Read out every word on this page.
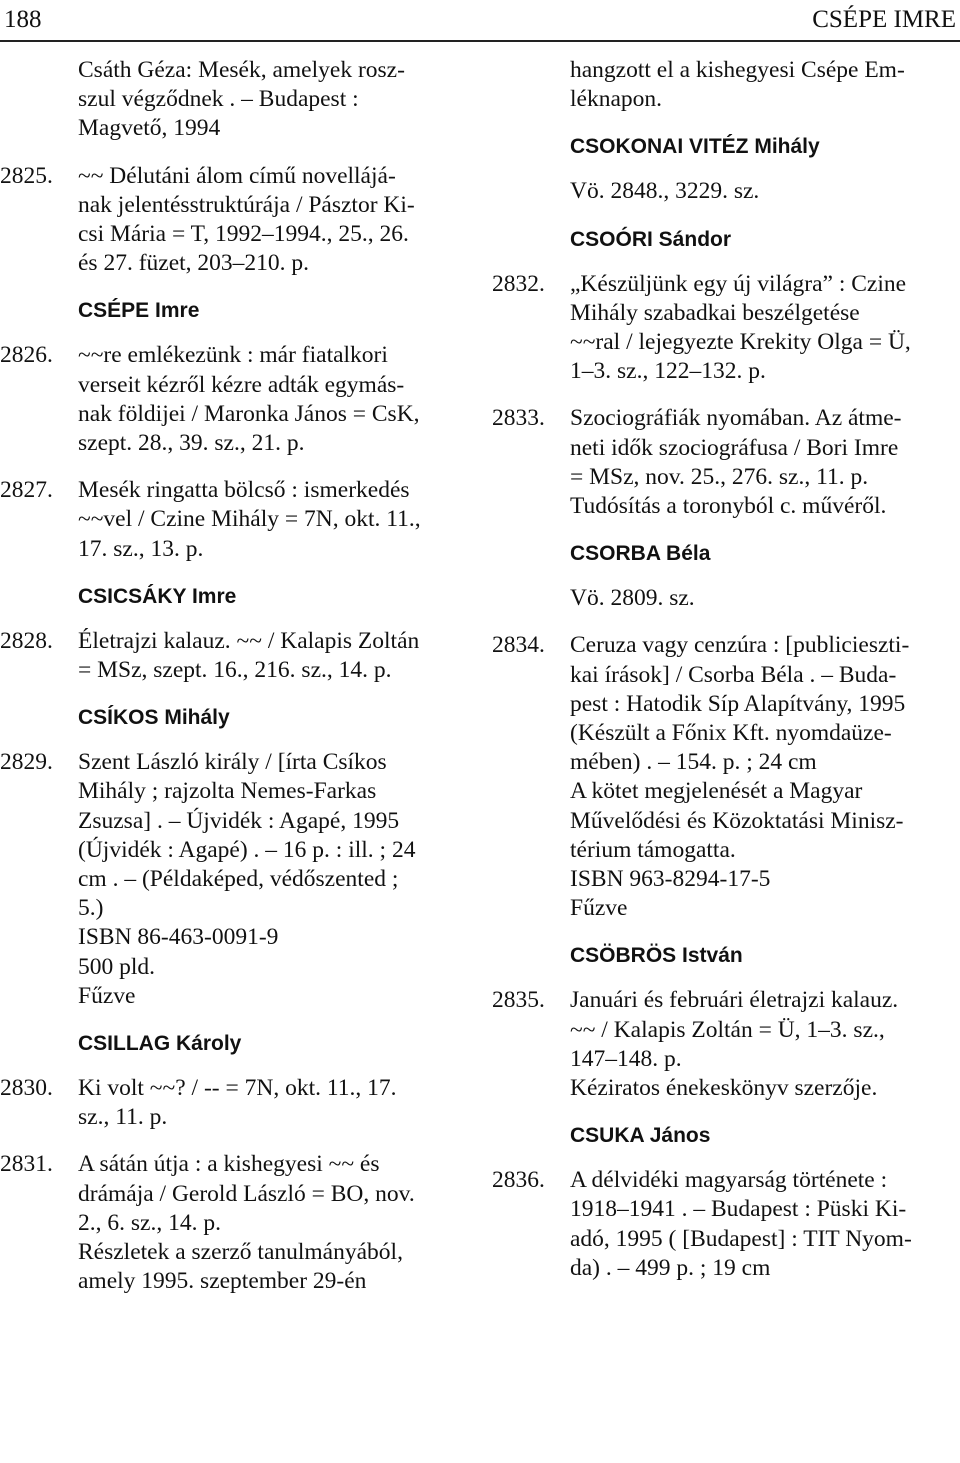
188	CSÉPE IMRE
Csáth Géza: Mesék, amelyek rosz-
szul végződnek . – Budapest :
Magvető, 1994
2825. ~~ Délutáni álom című novellájá-
nak jelentésstruktúrája / Pásztor Ki-
csi Mária = T, 1992–1994., 25., 26.
és 27. füzet, 203–210. p.
CSÉPE Imre
2826. ~~re emlékezünk : már fiatalkori
verseit kézről kézre adták egymás-
nak földijei / Maronka János = CsK,
szept. 28., 39. sz., 21. p.
2827. Mesék ringatta bölcső : ismerkedés
~~vel / Czine Mihály = 7N, okt. 11.,
17. sz., 13. p.
CSICSÁKY Imre
2828. Életrajzi kalauz. ~~ / Kalapis Zoltán
= MSz, szept. 16., 216. sz., 14. p.
CSÍKOS Mihály
2829. Szent László király / [írta Csíkos
Mihály ; rajzolta Nemes-Farkas
Zsuzsa] . – Újvidék : Agapé, 1995
(Újvidék : Agapé) . – 16 p. : ill. ; 24
cm . – (Példaképed, védőszented ;
5.)
ISBN 86-463-0091-9
500 pld.
Fűzve
CSILLAG Károly
2830. Ki volt ~~? / -- = 7N, okt. 11., 17.
sz., 11. p.
2831. A sátán útja : a kishegyesi ~~ és
drámája / Gerold László = BO, nov.
2., 6. sz., 14. p.
Részletek a szerző tanulmányából,
amely 1995. szeptember 29-én
hangzott el a kishegyesi Csépe Em-
léknapon.
CSOKONAI VITÉZ Mihály
Vö. 2848., 3229. sz.
CSOÓRI Sándor
2832. „Készüljünk egy új világra” : Czine
Mihály szabadkai beszélgetése
~~ral / lejegyezte Krekity Olga = Ü,
1–3. sz., 122–132. p.
2833. Szociográfiák nyomában. Az átme-
neti idők szociográfusa / Bori Imre
= MSz, nov. 25., 276. sz., 11. p.
Tudósítás a toronyból c. művéről.
CSORBA Béla
Vö. 2809. sz.
2834. Ceruza vagy cenzúra : [publicieszti-
kai írások] / Csorba Béla . – Buda-
pest : Hatodik Síp Alapítvány, 1995
(Készült a Főnix Kft. nyomdaüze-
mében) . – 154. p. ; 24 cm
A kötet megjelenését a Magyar
Művelődési és Közoktatási Minisz-
térium támogatta.
ISBN 963-8294-17-5
Fűzve
CSÖBRÖS István
2835. Januári és februári életrajzi kalauz.
~~ / Kalapis Zoltán = Ü, 1–3. sz.,
147–148. p.
Kéziratos énekeskönyv szerzője.
CSUKA János
2836. A délvidéki magyarság története :
1918–1941 . – Budapest : Püski Ki-
adó, 1995 ( [Budapest] : TIT Nyom-
da) . – 499 p. ; 19 cm
